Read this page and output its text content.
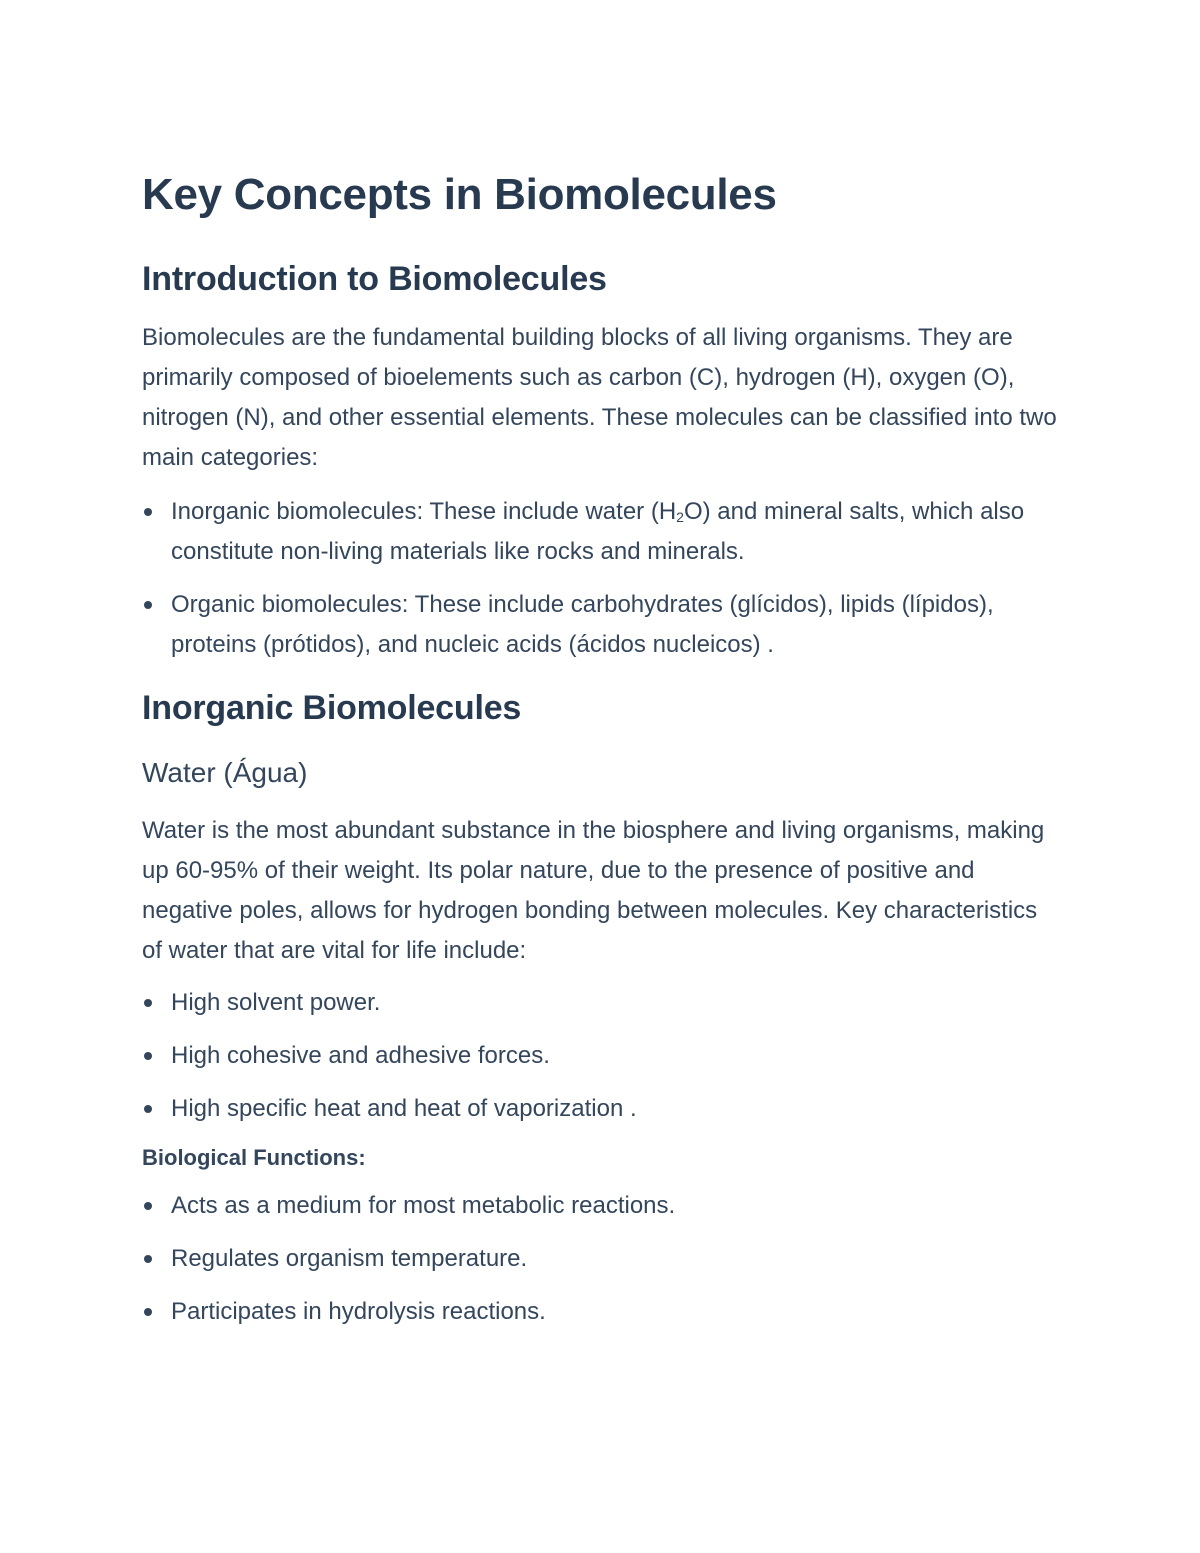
Key Concepts in Biomolecules
Introduction to Biomolecules

Biomolecules are the fundamental building blocks of all living organisms. They are primarily composed of bioelements such as carbon (C), hydrogen (H), oxygen (O), nitrogen (N), and other essential elements. These molecules can be classified into two main categories:

Inorganic biomolecules: These include water $(H_2O)$ and mineral salts, which also constitute non-living materials like rocks and minerals.
Organic biomolecules: These include carbohydrates (glícidos), lipids (lípidos), proteins (prótidos), and nucleic acids (ácidos nucleicos) .
Inorganic Biomolecules
Water (Água)

Water is the most abundant substance in the biosphere and living organisms, making up 60-95% of their weight. Its polar nature, due to the presence of positive and negative poles, allows for hydrogen bonding between molecules. Key characteristics of water that are vital for life include:

High solvent power.
High cohesive and adhesive forces.
High specific heat and heat of vaporization .
Biological Functions:
Acts as a medium for most metabolic reactions.
Regulates organism temperature.
Participates in hydrolysis reactions.
